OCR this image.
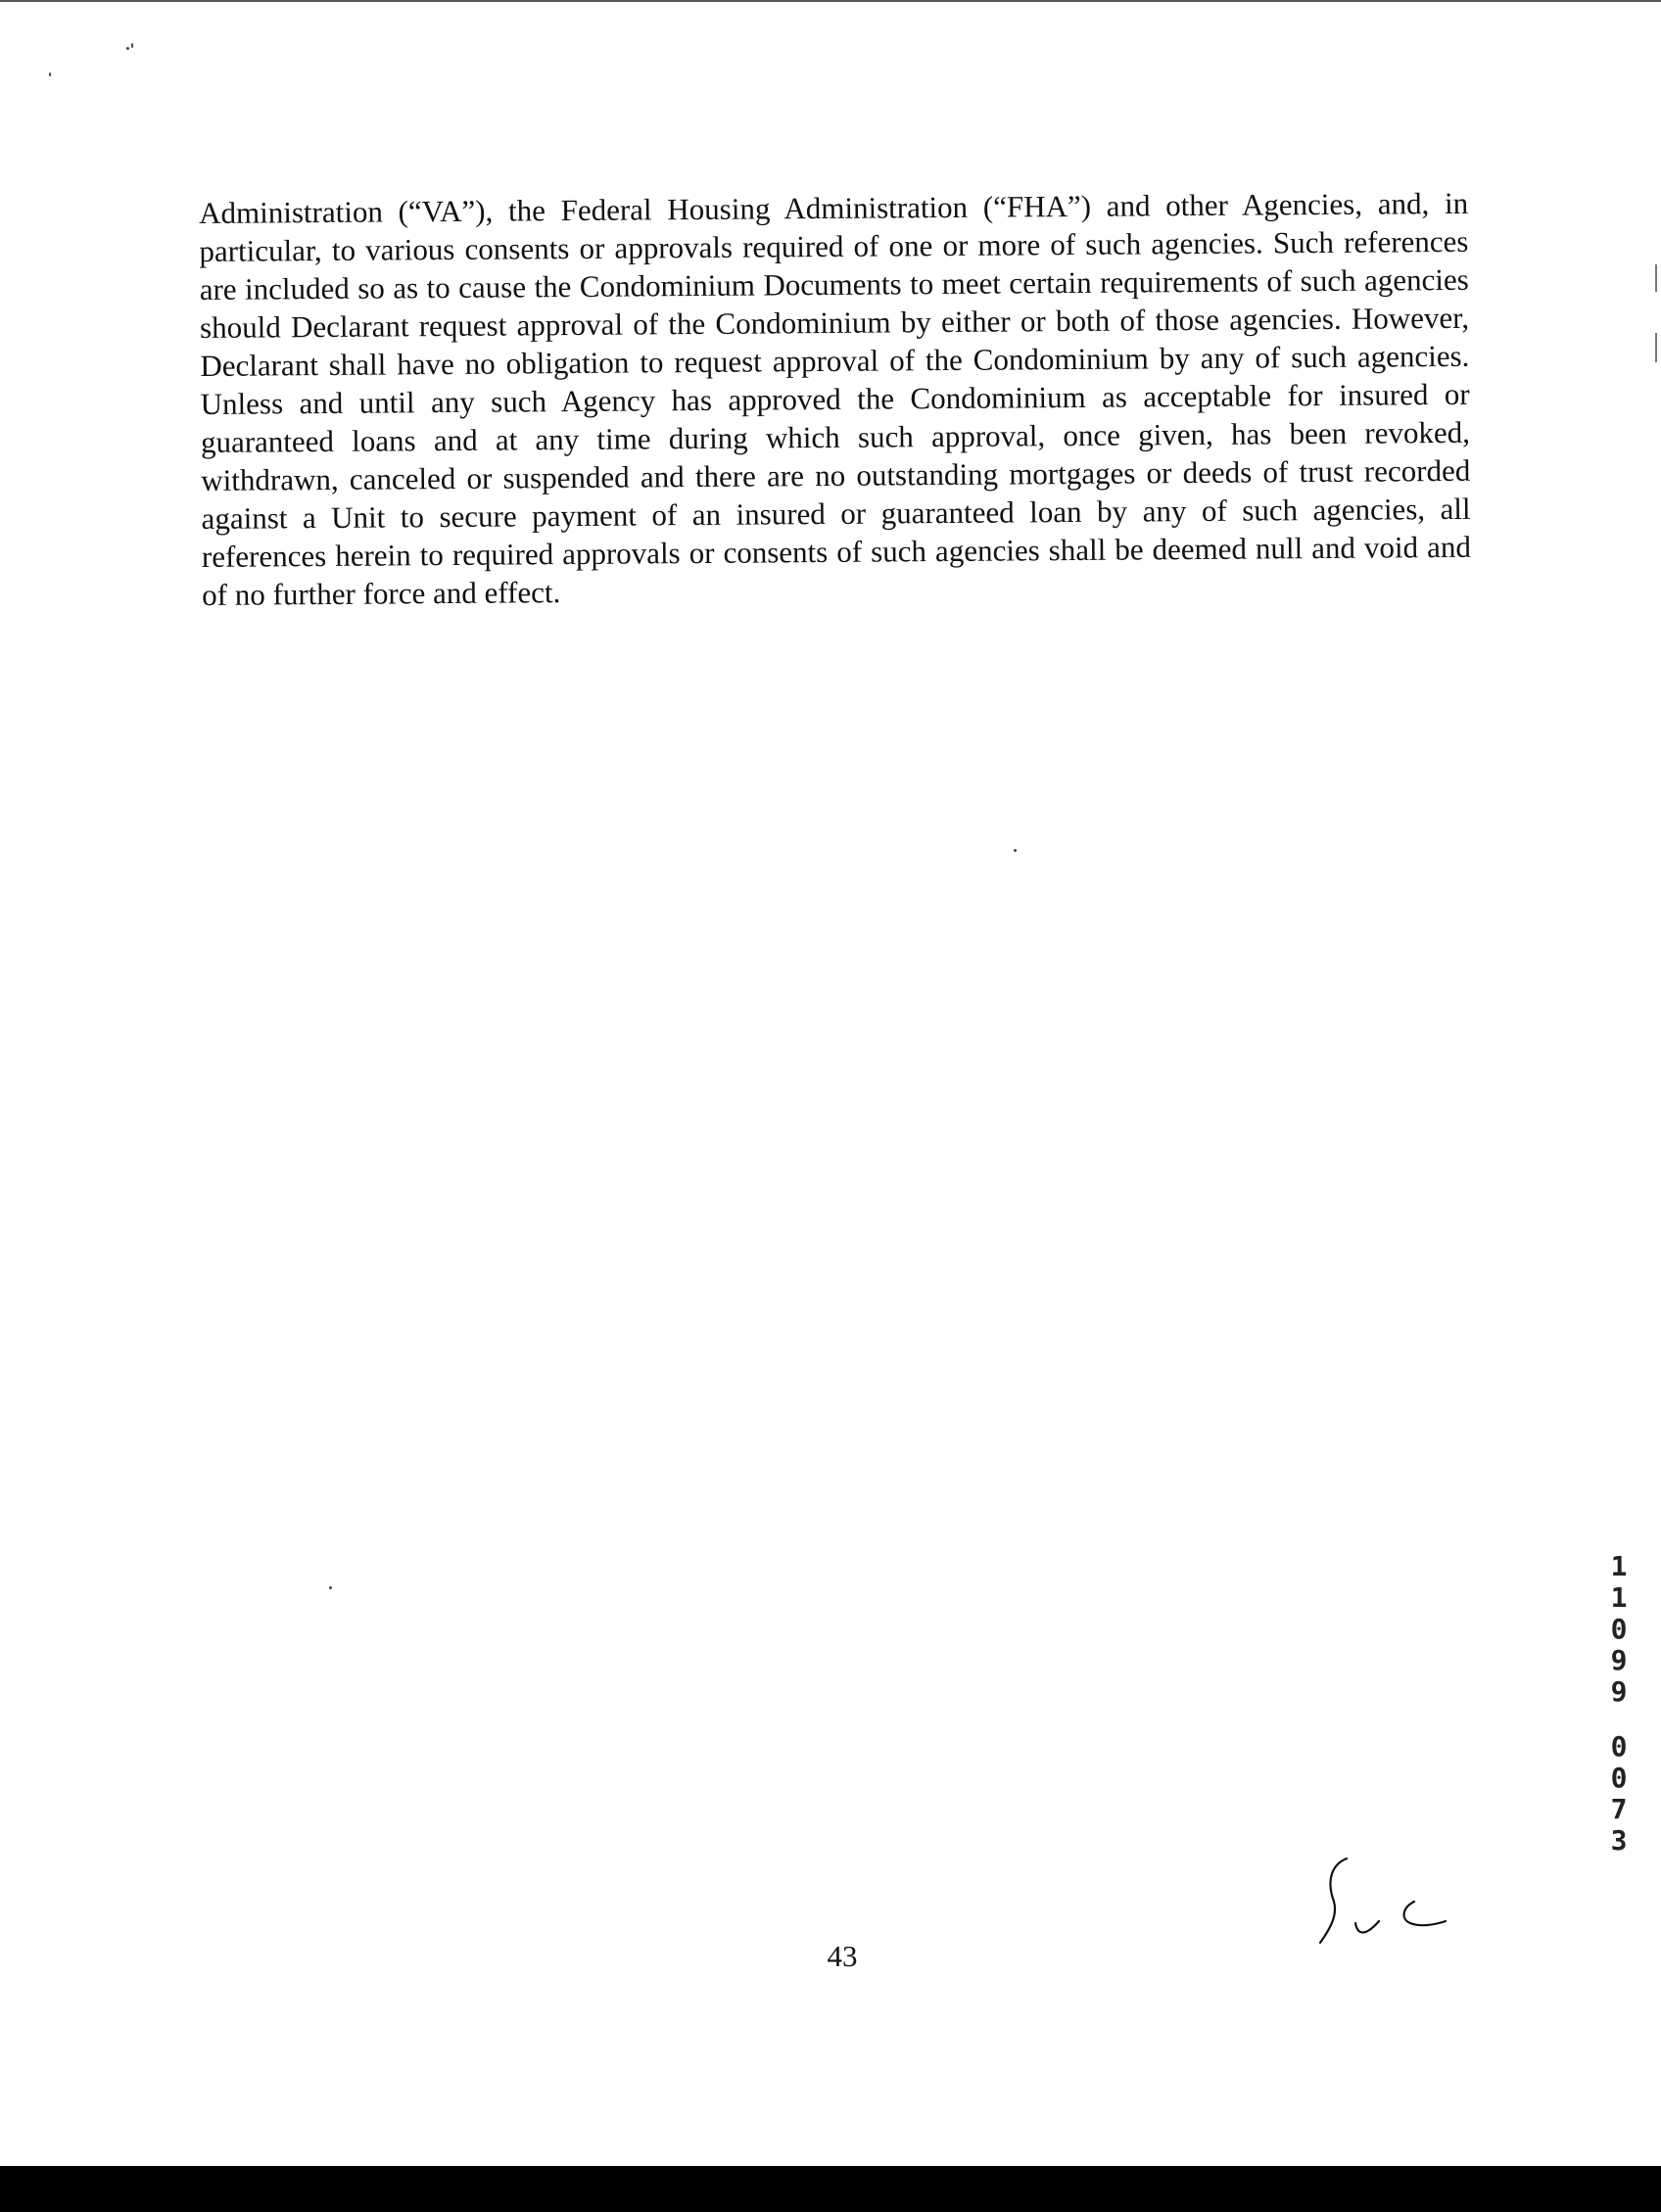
Administration (“VA”), the Federal Housing Administration (“FHA”) and other Agencies, and, in particular, to various consents or approvals required of one or more of such agencies. Such references are included so as to cause the Condominium Documents to meet certain requirements of such agencies should Declarant request approval of the Condominium by either or both of those agencies. However, Declarant shall have no obligation to request approval of the Condominium by any of such agencies. Unless and until any such Agency has approved the Condominium as acceptable for insured or guaranteed loans and at any time during which such approval, once given, has been revoked, withdrawn, canceled or suspended and there are no outstanding mortgages or deeds of trust recorded against a Unit to secure payment of an insured or guaranteed loan by any of such agencies, all references herein to required approvals or consents of such agencies shall be deemed null and void and of no further force and effect.

43

1
1
0
9
9
0
0
7
3
